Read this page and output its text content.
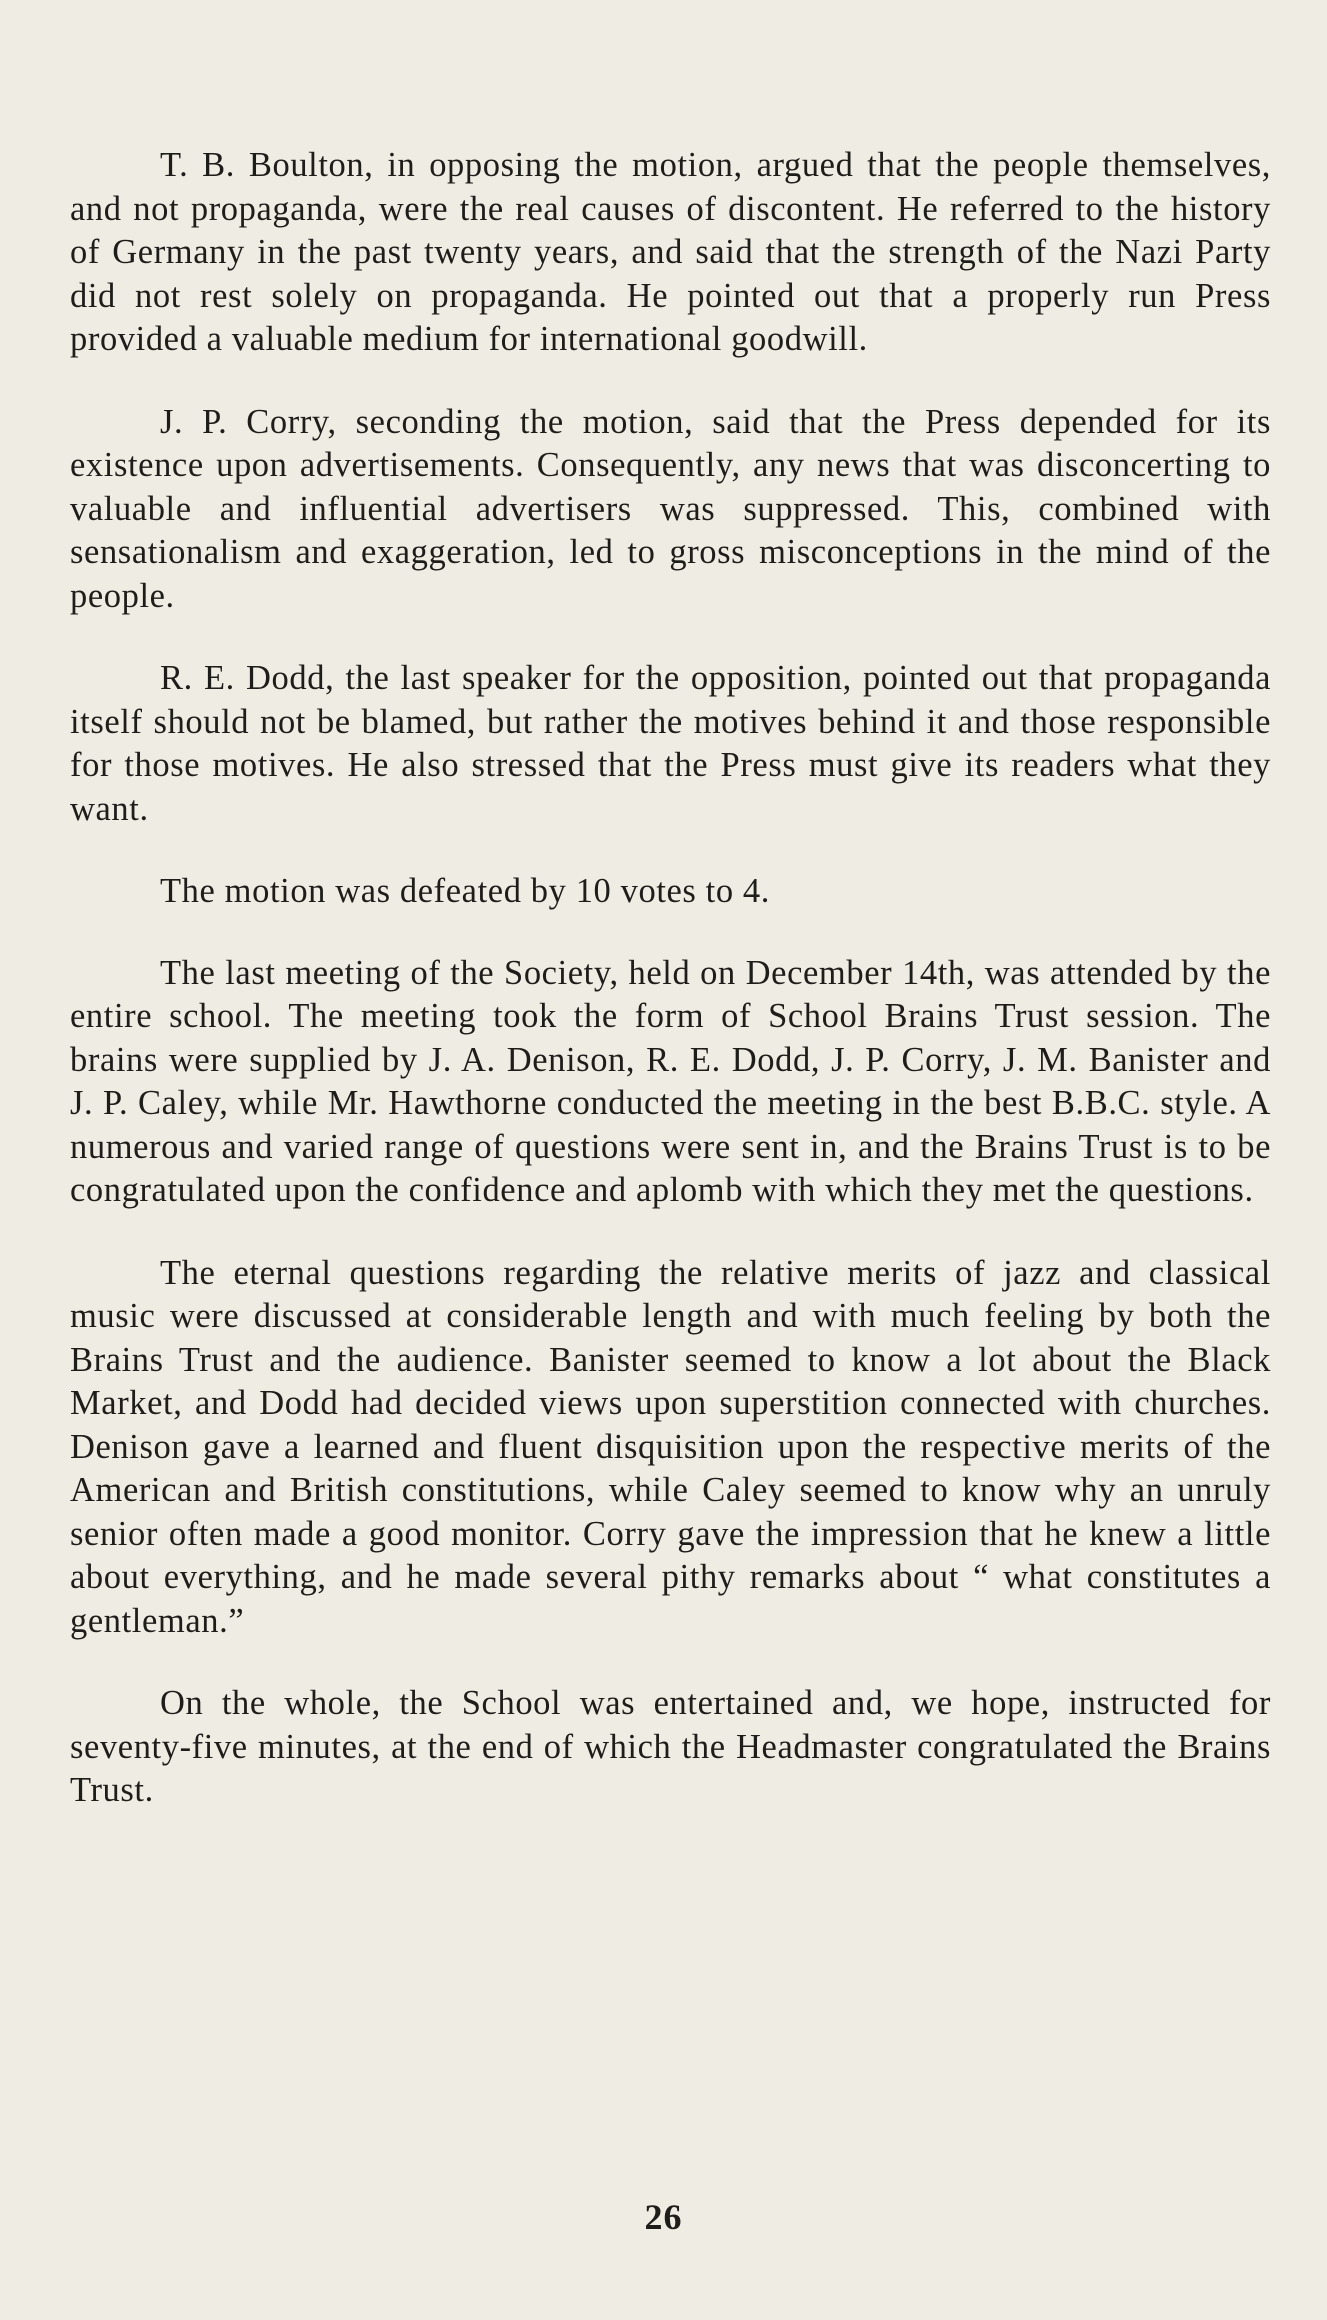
T. B. Boulton, in opposing the motion, argued that the people themselves, and not propaganda, were the real causes of discontent. He referred to the history of Germany in the past twenty years, and said that the strength of the Nazi Party did not rest solely on propaganda. He pointed out that a properly run Press provided a valuable medium for international goodwill.

J. P. Corry, seconding the motion, said that the Press depended for its existence upon advertisements. Consequently, any news that was disconcerting to valuable and influential advertisers was suppressed. This, combined with sensationalism and exaggeration, led to gross misconceptions in the mind of the people.

R. E. Dodd, the last speaker for the opposition, pointed out that propaganda itself should not be blamed, but rather the motives behind it and those responsible for those motives. He also stressed that the Press must give its readers what they want.

The motion was defeated by 10 votes to 4.

The last meeting of the Society, held on December 14th, was attended by the entire school. The meeting took the form of School Brains Trust session. The brains were supplied by J. A. Denison, R. E. Dodd, J. P. Corry, J. M. Banister and J. P. Caley, while Mr. Hawthorne conducted the meeting in the best B.B.C. style. A numerous and varied range of questions were sent in, and the Brains Trust is to be congratulated upon the confidence and aplomb with which they met the questions.

The eternal questions regarding the relative merits of jazz and classical music were discussed at considerable length and with much feeling by both the Brains Trust and the audience. Banister seemed to know a lot about the Black Market, and Dodd had decided views upon superstition connected with churches. Denison gave a learned and fluent disquisition upon the respective merits of the American and British constitutions, while Caley seemed to know why an unruly senior often made a good monitor. Corry gave the impression that he knew a little about everything, and he made several pithy remarks about “ what constitutes a gentleman.”

On the whole, the School was entertained and, we hope, instructed for seventy-five minutes, at the end of which the Headmaster congratulated the Brains Trust.

26
